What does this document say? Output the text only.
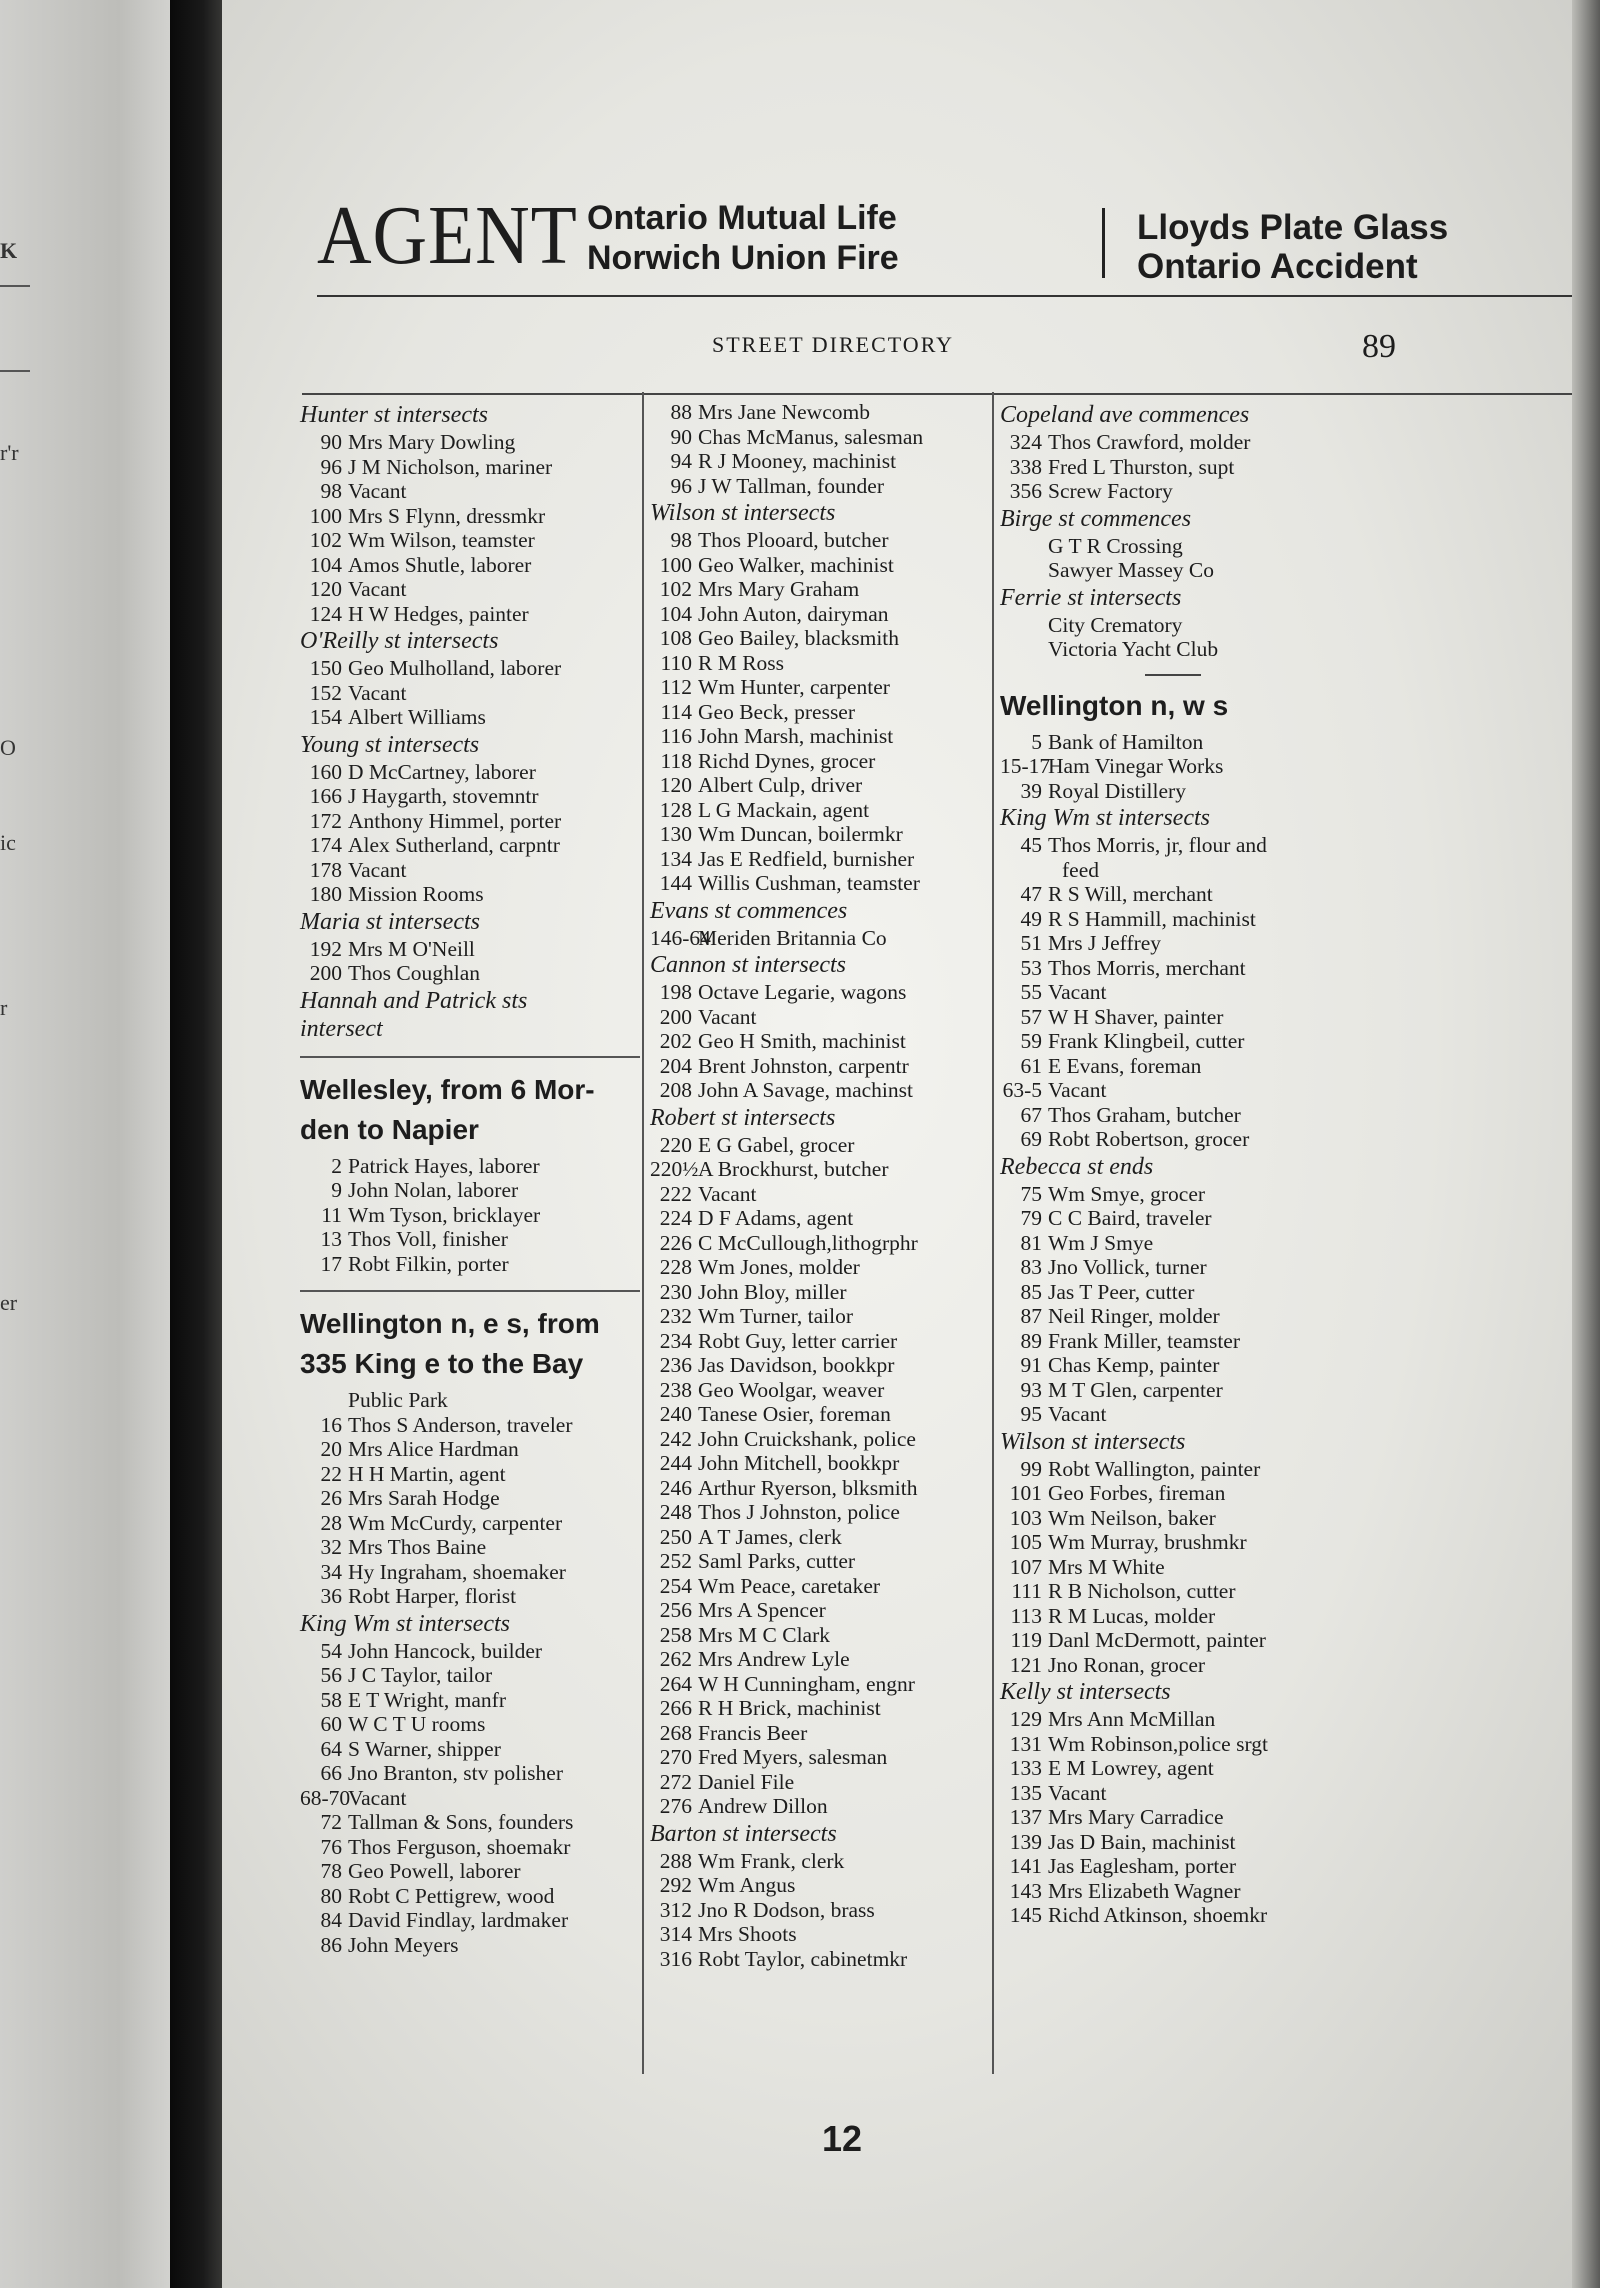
K
r'r
O
ic
r
er
AGENT Ontario Mutual Life
Norwich Union Fire
Lloyds Plate Glass
Ontario Accident
STREET DIRECTORY	89
Hunter st intersects
90 Mrs Mary Dowling
96 J M Nicholson, mariner
98 Vacant
100 Mrs S Flynn, dressmkr
102 Wm Wilson, teamster
104 Amos Shutle, laborer
120 Vacant
124 H W Hedges, painter
O'Reilly st intersects
150 Geo Mulholland, laborer
152 Vacant
154 Albert Williams
Young st intersects
160 D McCartney, laborer
166 J Haygarth, stovemntr
172 Anthony Himmel, porter
174 Alex Sutherland, carpntr
178 Vacant
180 Mission Rooms
Maria st intersects
192 Mrs M O'Neill
200 Thos Coughlan
Hannah and Patrick sts
intersect
Wellesley, from 6 Mor-
den to Napier
2 Patrick Hayes, laborer
9 John Nolan, laborer
11 Wm Tyson, bricklayer
13 Thos Voll, finisher
17 Robt Filkin, porter
Wellington n, e s, from
335 King e to the Bay
Public Park
16 Thos S Anderson, traveler
20 Mrs Alice Hardman
22 H H Martin, agent
26 Mrs Sarah Hodge
28 Wm McCurdy, carpenter
32 Mrs Thos Baine
34 Hy Ingraham, shoemaker
36 Robt Harper, florist
King Wm st intersects
54 John Hancock, builder
56 J C Taylor, tailor
58 E T Wright, manfr
60 W C T U rooms
64 S Warner, shipper
66 Jno Branton, stv polisher
68-70Vacant
72 Tallman & Sons, founders
76 Thos Ferguson, shoemakr
78 Geo Powell, laborer
80 Robt C Pettigrew, wood
84 David Findlay, lardmaker
86 John Meyers
88 Mrs Jane Newcomb
90 Chas McManus, salesman
94 R J Mooney, machinist
96 J W Tallman, founder
Wilson st intersects
98 Thos Plooard, butcher
100 Geo Walker, machinist
102 Mrs Mary Graham
104 John Auton, dairyman
108 Geo Bailey, blacksmith
110 R M Ross
112 Wm Hunter, carpenter
114 Geo Beck, presser
116 John Marsh, machinist
118 Richd Dynes, grocer
120 Albert Culp, driver
128 L G Mackain, agent
130 Wm Duncan, boilermkr
134 Jas E Redfield, burnisher
144 Willis Cushman, teamster
Evans st commences
146-64Meriden Britannia Co
Cannon st intersects
198 Octave Legarie, wagons
200 Vacant
202 Geo H Smith, machinist
204 Brent Johnston, carpentr
208 John A Savage, machinst
Robert st intersects
220 E G Gabel, grocer
220½A Brockhurst, butcher
222 Vacant
224 D F Adams, agent
226 C McCullough,lithogrphr
228 Wm Jones, molder
230 John Bloy, miller
232 Wm Turner, tailor
234 Robt Guy, letter carrier
236 Jas Davidson, bookkpr
238 Geo Woolgar, weaver
240 Tanese Osier, foreman
242 John Cruickshank, police
244 John Mitchell, bookkpr
246 Arthur Ryerson, blksmith
248 Thos J Johnston, police
250 A T James, clerk
252 Saml Parks, cutter
254 Wm Peace, caretaker
256 Mrs A Spencer
258 Mrs M C Clark
262 Mrs Andrew Lyle
264 W H Cunningham, engnr
266 R H Brick, machinist
268 Francis Beer
270 Fred Myers, salesman
272 Daniel File
276 Andrew Dillon
Barton st intersects
288 Wm Frank, clerk
292 Wm Angus
312 Jno R Dodson, brass
314 Mrs Shoots
316 Robt Taylor, cabinetmkr
Copeland ave commences
324 Thos Crawford, molder
338 Fred L Thurston, supt
356 Screw Factory
Birge st commences
G T R Crossing
Sawyer Massey Co
Ferrie st intersects
City Crematory
Victoria Yacht Club
Wellington n, w s
5 Bank of Hamilton
15-17Ham Vinegar Works
39 Royal Distillery
King Wm st intersects
45 Thos Morris, jr, flour and
feed
47 R S Will, merchant
49 R S Hammill, machinist
51 Mrs J Jeffrey
53 Thos Morris, merchant
55 Vacant
57 W H Shaver, painter
59 Frank Klingbeil, cutter
61 E Evans, foreman
63-5 Vacant
67 Thos Graham, butcher
69 Robt Robertson, grocer
Rebecca st ends
75 Wm Smye, grocer
79 C C Baird, traveler
81 Wm J Smye
83 Jno Vollick, turner
85 Jas T Peer, cutter
87 Neil Ringer, molder
89 Frank Miller, teamster
91 Chas Kemp, painter
93 M T Glen, carpenter
95 Vacant
Wilson st intersects
99 Robt Wallington, painter
101 Geo Forbes, fireman
103 Wm Neilson, baker
105 Wm Murray, brushmkr
107 Mrs M White
111 R B Nicholson, cutter
113 R M Lucas, molder
119 Danl McDermott, painter
121 Jno Ronan, grocer
Kelly st intersects
129 Mrs Ann McMillan
131 Wm Robinson,police srgt
133 E M Lowrey, agent
135 Vacant
137 Mrs Mary Carradice
139 Jas D Bain, machinist
141 Jas Eaglesham, porter
143 Mrs Elizabeth Wagner
145 Richd Atkinson, shoemkr
12
